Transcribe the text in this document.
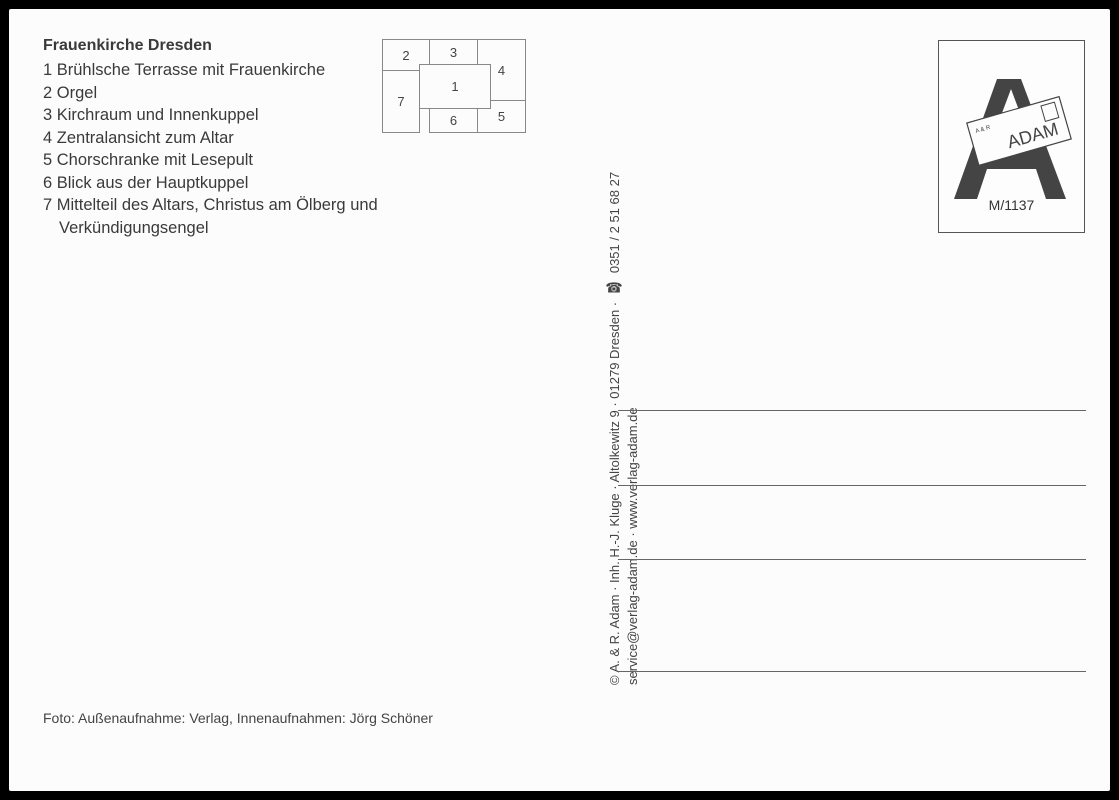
Frauenkirche Dresden
1 Brühlsche Terrasse mit Frauenkirche
2 Orgel
3 Kirchraum und Innenkuppel
4 Zentralansicht zum Altar
5 Chorschranke mit Lesepult
6 Blick aus der Hauptkuppel
7 Mittelteil des Altars, Christus am Ölberg und
Verkündigungsengel
2	3
4
7
6	5
1
© A. & R. Adam · Inh. H.-J. Kluge · Altolkewitz 9 · 01279 Dresden · ☎ 0351 / 2 51 68 27
service@verlag-adam.de · www.verlag-adam.de
A & R ADAM
M/1137
Foto: Außenaufnahme: Verlag, Innenaufnahmen: Jörg Schöner
